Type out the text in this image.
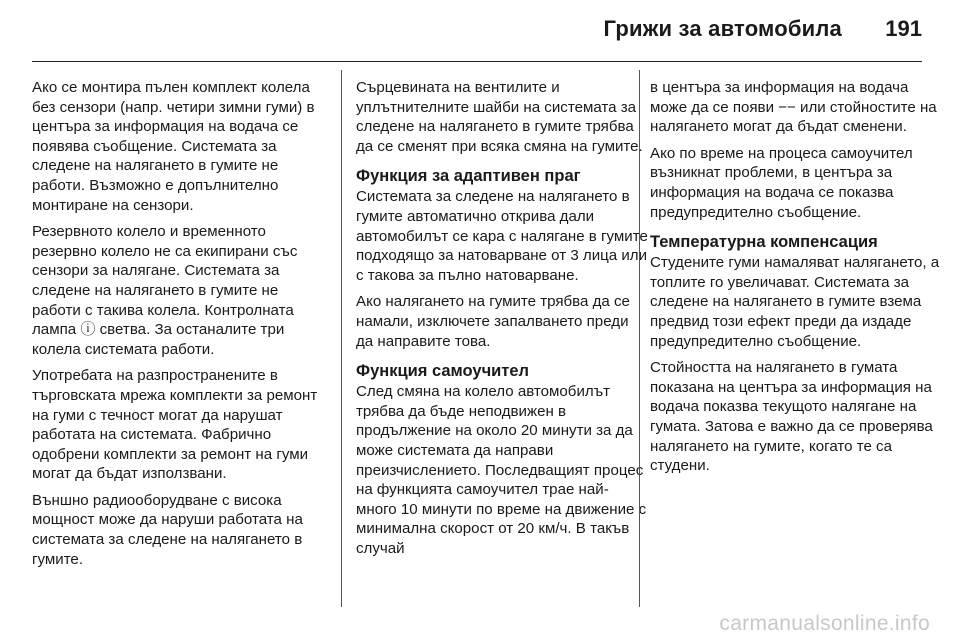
Грижи за автомобила 191

Ако се монтира пълен комплект колела без сензори (напр. четири зимни гуми) в центъра за информация на водача се появява съобщение. Системата за следене на налягането в гумите не работи. Възможно е допълнително монтиране на сензори.

Резервното колело и временното резервно колело не са екипирани със сензори за налягане. Системата за следене на налягането в гумите не работи с такива колела. Контролната лампа ⓘ светва. За останалите три колела системата работи.

Употребата на разпространените в търговската мрежа комплекти за ремонт на гуми с течност могат да нарушат работата на системата. Фабрично одобрени комплекти за ремонт на гуми могат да бъдат използвани.

Външно радиооборудване с висока мощност може да наруши работата на системата за следене на налягането в гумите.

Сърцевината на вентилите и уплътнителните шайби на системата за следене на налягането в гумите трябва да се сменят при всяка смяна на гумите.

Функция за адаптивен праг

Системата за следене на налягането в гумите автоматично открива дали автомобилът се кара с налягане в гумите подходящо за натоварване от 3 лица или с такова за пълно натоварване.

Ако налягането на гумите трябва да се намали, изключете запалването преди да направите това.

Функция самоучител

След смяна на колело автомобилът трябва да бъде неподвижен в продължение на около 20 минути за да може системата да направи преизчислението. Последващият процес на функцията самоучител трае най-много 10 минути по време на движение с минимална скорост от 20 км/ч. В такъв случай

в центъра за информация на водача може да се появи −− или стойностите на налягането могат да бъдат сменени.

Ако по време на процеса самоучител възникнат проблеми, в центъра за информация на водача се показва предупредително съобщение.

Температурна компенсация

Студените гуми намаляват налягането, а топлите го увеличават. Системата за следене на налягането в гумите взема предвид този ефект преди да издаде предупредително съобщение.

Стойността на налягането в гумата показана на центъра за информация на водача показва текущото налягане на гумата. Затова е важно да се проверява налягането на гумите, когато те са студени.

carmanualsonline.info
